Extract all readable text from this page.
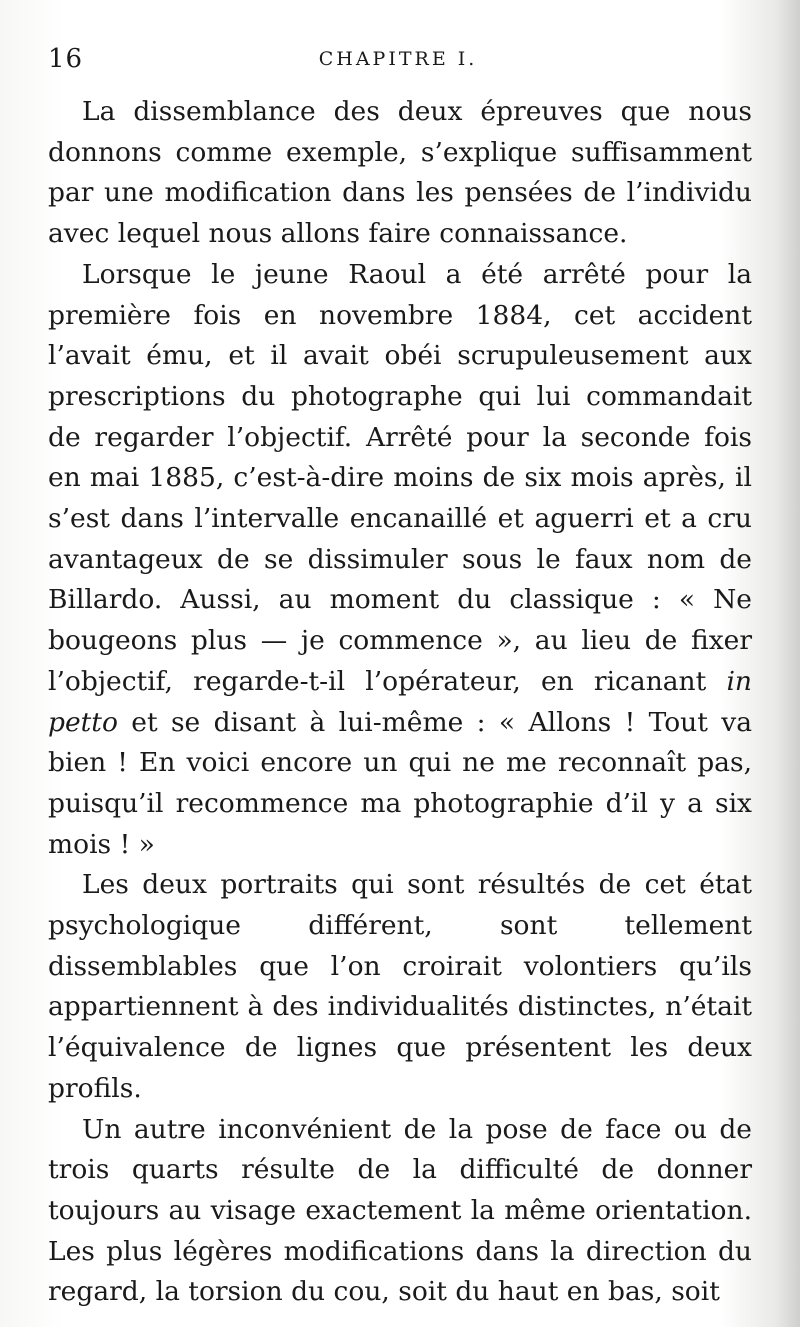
16	CHAPITRE I.

La dissemblance des deux épreuves que nous donnons comme exemple, s’explique suffisamment par une modification dans les pensées de l’individu avec lequel nous allons faire connaissance.

Lorsque le jeune Raoul a été arrêté pour la première fois en novembre 1884, cet accident l’avait ému, et il avait obéi scrupuleusement aux prescriptions du photographe qui lui commandait de regarder l’objectif. Arrêté pour la seconde fois en mai 1885, c’est-à-dire moins de six mois après, il s’est dans l’intervalle encanaillé et aguerri et a cru avantageux de se dissimuler sous le faux nom de Billardo. Aussi, au moment du classique : « Ne bougeons plus — je commence », au lieu de fixer l’objectif, regarde-t-il l’opérateur, en ricanant in petto et se disant à lui-même : « Allons ! Tout va bien ! En voici encore un qui ne me reconnaît pas, puisqu’il recommence ma photographie d’il y a six mois ! »

Les deux portraits qui sont résultés de cet état psychologique différent, sont tellement dissemblables que l’on croirait volontiers qu’ils appartiennent à des individualités distinctes, n’était l’équivalence de lignes que présentent les deux profils.

Un autre inconvénient de la pose de face ou de trois quarts résulte de la difficulté de donner toujours au visage exactement la même orientation. Les plus légères modifications dans la direction du regard, la torsion du cou, soit du haut en bas, soit
